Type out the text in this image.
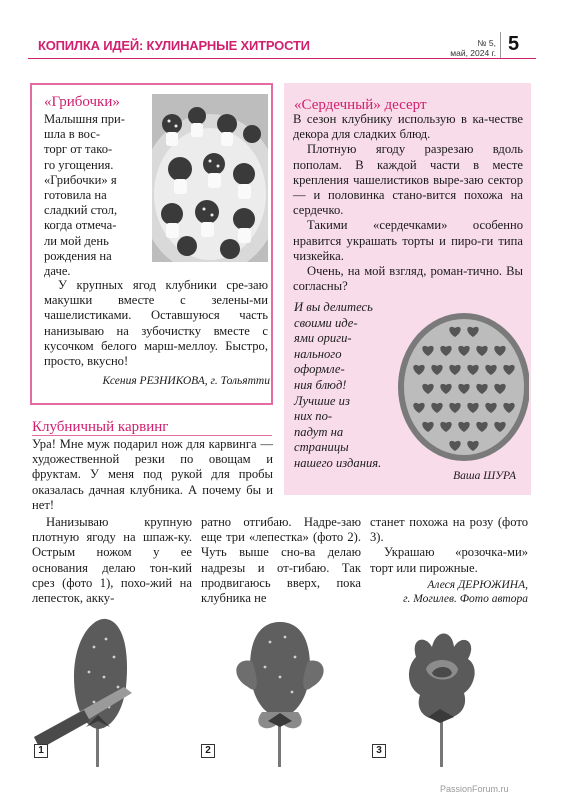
КОПИЛКА ИДЕЙ: КУЛИНАРНЫЕ ХИТРОСТИ	№ 5,
май, 2024 г. 5
«Грибочки»

Малышня при-
шла в вос-
торг от тако-
го угощения.
«Грибочки» я
готовила на
сладкий стол,
когда отмеча-
ли мой день
рождения на
даче.

У крупных ягод клубники сре-заю макушки вместе с зелены-ми чашелистиками. Оставшуюся часть нанизываю на зубочистку вместе с кусочком белого марш-меллоу. Быстро, просто, вкусно!

Ксения РЕЗНИКОВА, г. Тольятти
«Сердечный» десерт

В сезон клубнику использую в ка-честве декора для сладких блюд.

Плотную ягоду разрезаю вдоль пополам. В каждой части в месте крепления чашелистиков выре-заю сектор — и половинка стано-вится похожа на сердечко.

Такими «сердечками» особенно нравится украшать торты и пиро-ги типа чизкейка.

Очень, на мой взгляд, роман-тично. Вы согласны?

И вы делитесь
своими иде-
ями ориги-
нального
оформле-
ния блюд!
Лучшие из
них по-
падут на
страницы
нашего издания.
Ваша ШУРА
Клубничный карвинг

Ура! Мне муж подарил нож для карвинга — художественной резки по овощам и фруктам. У меня под рукой для пробы оказалась дачная клубника. А почему бы и нет!

Нанизываю крупную плотную ягоду на шпаж-ку. Острым ножом у ее основания делаю тон-кий срез (фото 1), похо-жий на лепесток, акку-

ратно отгибаю. Надре-заю еще три «лепестка» (фото 2). Чуть выше сно-ва делаю надрезы и от-гибаю. Так продвигаюсь вверх, пока клубника не

станет похожа на розу (фото 3).

Украшаю «розочка-ми» торт или пирожные.

Алеся ДЕРЮЖИНА,
г. Могилев. Фото автора
1	2	3
PassionForum.ru
